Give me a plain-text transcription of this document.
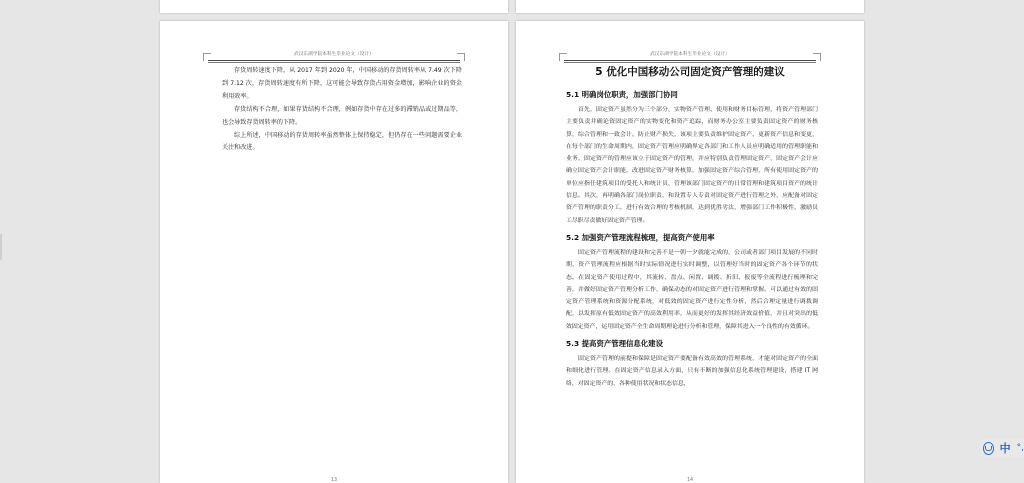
武汉东湖学院本科生毕业论文（设计）

存货周转速度下降。从 2017 年到 2020 年，中国移动的存货周转率从 7.49 次下降到 7.12 次，存货周转速度有所下降，这可能会导致存货占用资金增加，影响企业的资金利用效率。

存货结构不合理，如果存货结构不合理，例如存货中存在过多的滞销品或过期品等，也会导致存货周转率的下降。

综上所述，中国移动的存货周转率虽然整体上保持稳定，但仍存在一些问题需要企业关注和改进。

13
武汉东湖学院本科生毕业论文（设计）
5 优化中国移动公司固定资产管理的建议
5.1 明确岗位职责，加强部门协同

首先，固定资产虽然分为三个部分，实物资产管理、使用和财务目标管理，将资产管理部门主要负责并确论资固定资产的实物变化和资产追踪，而财务办公室主要负责固定资产的财务核算，综合管理和一致会计。防止财产损失，该项主要负责维护固定资产、更新资产信息和变更，在每个部门的生命周期内，固定资产管理应明确界定各部门和工作人员应明确适用的管理职能和业务。固定资产的管理应该立于固定资产的管理，并应特别负责管理固定资产，固定资产会计应确立固定资产会计职能，改进固定资产财务核算，加强固定资产综合管理，所有使用固定资产的单位应指任建筑项目的受托人和统计员，管理该部门固定资产的日常管理和建筑项目资产的统计信息。其次，再明确各部门岗位职责，和设置专人专责对固定资产进行管理之外，应配备对固定资产管理的职责分工，进行有效合理的考核机制，达到优胜劣汰，增强部门工作积极性，激励员工尽职尽责做好固定资产管理。

5.2 加强资产管理流程梳理，提高资产使用率

固定资产管理流程的建设和完善不是一朝一夕就能完成的，公司或者部门项目发展的不同时期，资产管理流程应根据当时实际情况进行实时调整，以管理好当时的固定资产各个环节的状态。在固定资产使用过程中，其流转、盘点、闲置、调拨、折旧、报废等全流程进行梳理和完善，并做好固定资产管理分析工作，确保动态的对固定资产进行管理和掌握。可以通过有效的固定资产管理系统和资源分配系统，对低效的固定资产进行定性分析，然后合理定量进行调拨调配，以发挥原有低效固定资产的高效利用率，从而更好的发挥其经济效益价值，并且对突出的低效固定资产，运用固定资产全生命周期理论进行分析和管理，保障其进入一个良性的有效循环。

5.3 提高资产管理信息化建设

固定资产管理的前提和保障是固定资产要配备有效高效的管理系统，才能对固定资产的全面和细化进行管理。在固定资产信息录入方面，只有不断的加强信息化系统管理建设，搭建 IT 网络，对固定资产的，各种使用状况和状态信息，

14
中 °,
